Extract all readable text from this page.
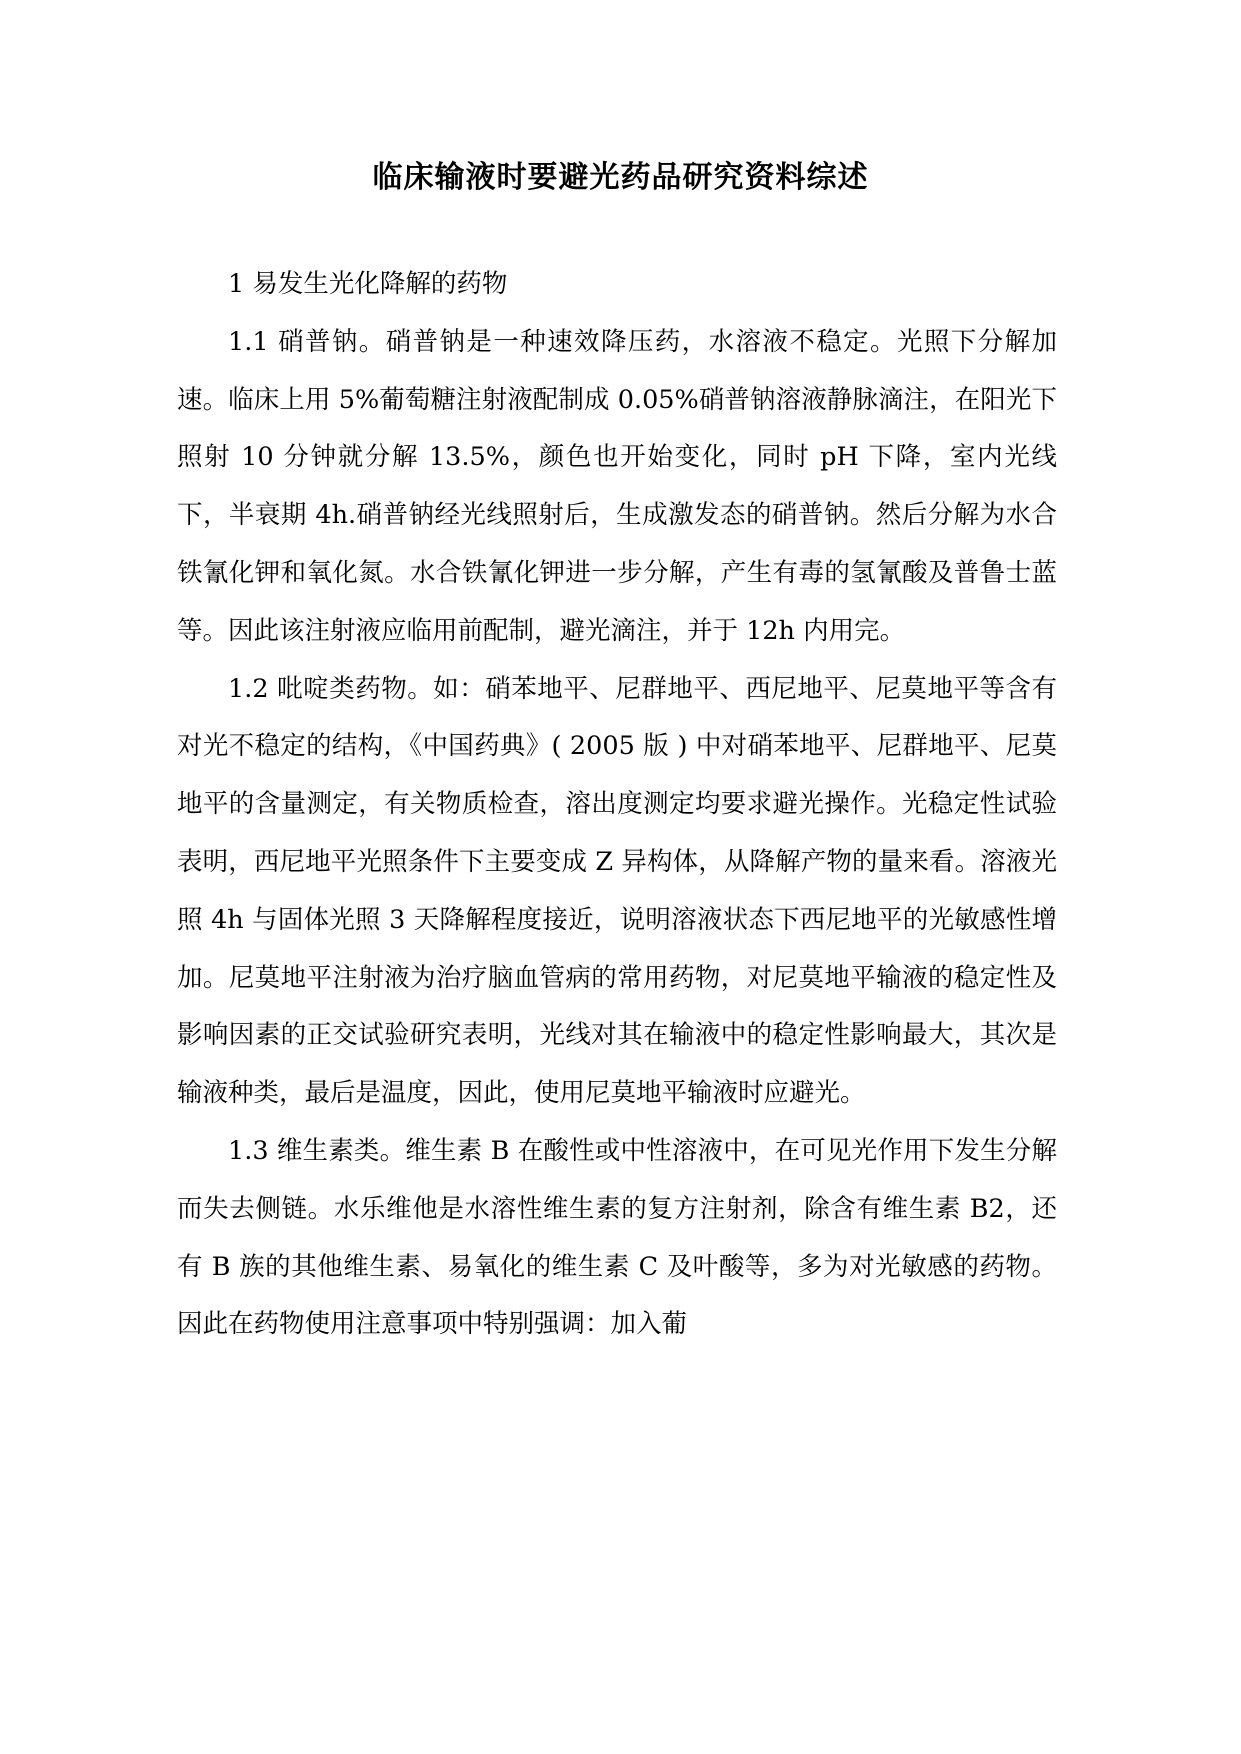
临床输液时要避光药品研究资料综述

1 易发生光化降解的药物

1.1 硝普钠。硝普钠是一种速效降压药，水溶液不稳定。光照下分解加速。临床上用 5%葡萄糖注射液配制成 0.05%硝普钠溶液静脉滴注，在阳光下照射 10 分钟就分解 13.5%，颜色也开始变化，同时 pH 下降，室内光线下，半衰期 4h.硝普钠经光线照射后，生成激发态的硝普钠。然后分解为水合铁氰化钾和氧化氮。水合铁氰化钾进一步分解，产生有毒的氢氰酸及普鲁士蓝等。因此该注射液应临用前配制，避光滴注，并于 12h 内用完。

1.2 吡啶类药物。如：硝苯地平、尼群地平、西尼地平、尼莫地平等含有对光不稳定的结构，《中国药典》( 2005 版 ) 中对硝苯地平、尼群地平、尼莫地平的含量测定，有关物质检查，溶出度测定均要求避光操作。光稳定性试验表明，西尼地平光照条件下主要变成 Z 异构体，从降解产物的量来看。溶液光照 4h 与固体光照 3 天降解程度接近，说明溶液状态下西尼地平的光敏感性增加。尼莫地平注射液为治疗脑血管病的常用药物，对尼莫地平输液的稳定性及影响因素的正交试验研究表明，光线对其在输液中的稳定性影响最大，其次是输液种类，最后是温度，因此，使用尼莫地平输液时应避光。

1.3 维生素类。维生素 B 在酸性或中性溶液中，在可见光作用下发生分解而失去侧链。水乐维他是水溶性维生素的复方注射剂，除含有维生素 B2，还有 B 族的其他维生素、易氧化的维生素 C 及叶酸等，多为对光敏感的药物。因此在药物使用注意事项中特别强调：加入葡
